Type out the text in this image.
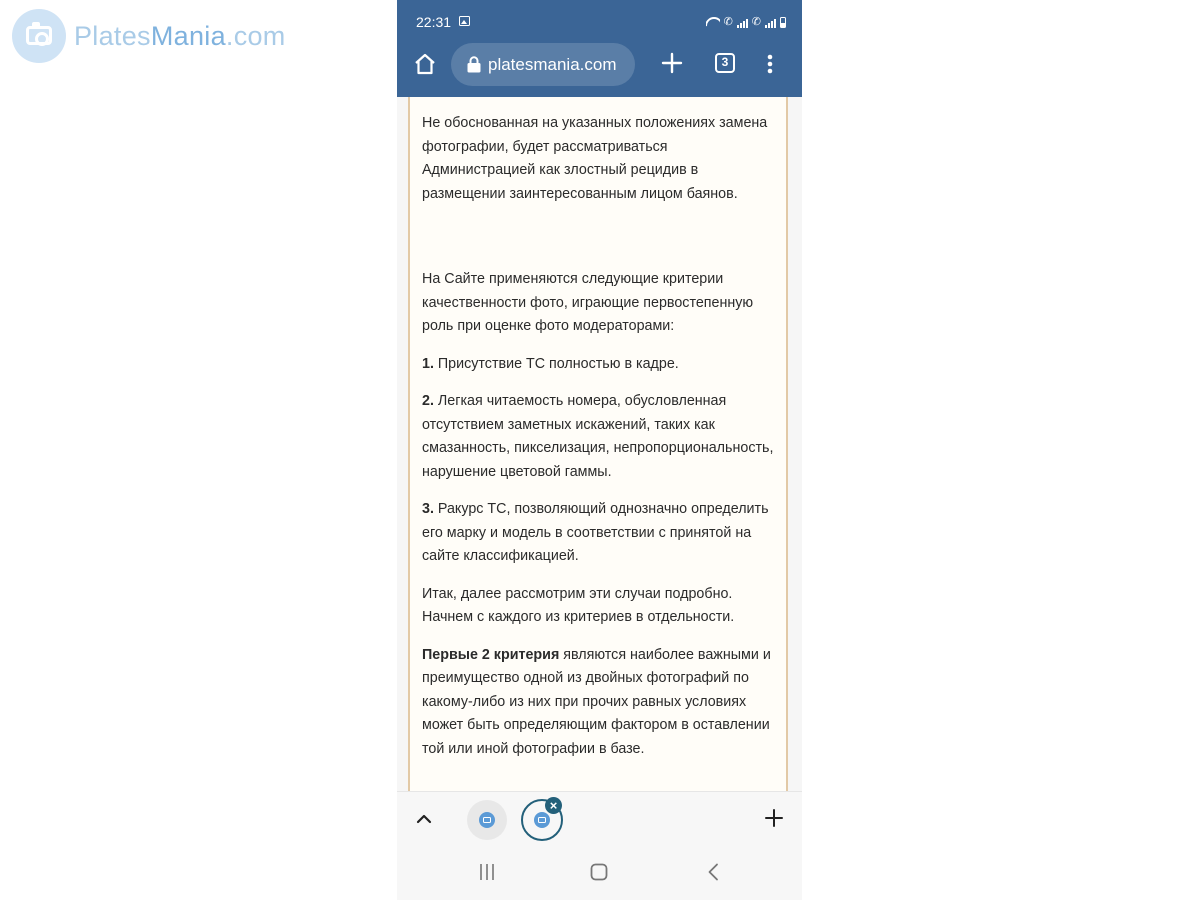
PlatesMania.com	22:31	✆ ✆
platesmania.com	3

Не обоснованная на указанных положениях замена фотографии, будет рассматриваться Администрацией как злостный рецидив в размещении заинтересованным лицом баянов.

На Сайте применяются следующие критерии качественности фото, играющие первостепенную роль при оценке фото модераторами:

1. Присутствие ТС полностью в кадре.

2. Легкая читаемость номера, обусловленная отсутствием заметных искажений, таких как смазанность, пикселизация, непропорциональность, нарушение цветовой гаммы.

3. Ракурс ТС, позволяющий однозначно определить его марку и модель в соответствии с принятой на сайте классификацией.

Итак, далее рассмотрим эти случаи подробно. Начнем с каждого из критериев в отдельности.

Первые 2 критерия являются наиболее важными и преимущество одной из двойных фотографий по какому-либо из них при прочих равных условиях может быть определяющим фактором в оставлении той или иной фотографии в базе.

×
